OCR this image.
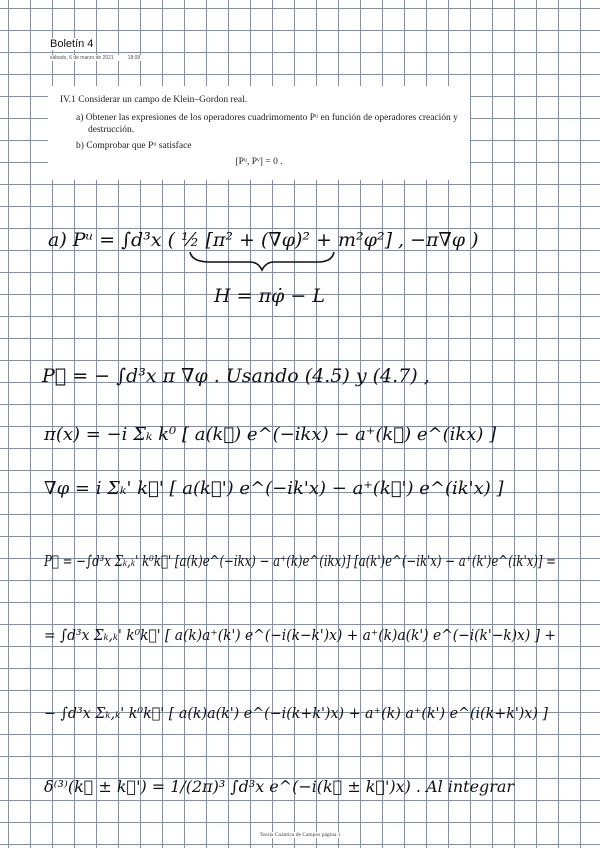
Boletín 4
sábado, 6 de marzo de 2021	18:08
IV.1 Considerar un campo de Klein–Gordon real.
a) Obtener las expresiones de los operadores cuadrimomento Pᵘ en función de operadores creación y destrucción.
b) Comprobar que Pᵘ satisface
[Pᵘ, Pᵛ] = 0 .
a) Pᵘ = ∫d³x ( ½ [π² + (∇φ)² + m²φ²] , −π∇φ )
H = πφ̇ − L
P⃗ = − ∫d³x π ∇φ . Usando (4.5) y (4.7) ,
π(x) = −i Σₖ k⁰ [ a(k⃗) e^(−ikx) − a⁺(k⃗) e^(ikx) ]
∇φ = i Σₖ' k⃗' [ a(k⃗') e^(−ik'x) − a⁺(k⃗') e^(ik'x) ]
P⃗ = −∫d³x Σₖ,ₖ' k⁰k⃗' [a(k)e^(−ikx) − a⁺(k)e^(ikx)] [a(k')e^(−ik'x) − a⁺(k')e^(ik'x)] =
= ∫d³x Σₖ,ₖ' k⁰k⃗' [ a(k)a⁺(k') e^(−i(k−k')x) + a⁺(k)a(k') e^(−i(k'−k)x) ] +
− ∫d³x Σₖ,ₖ' k⁰k⃗' [ a(k)a(k') e^(−i(k+k')x) + a⁺(k) a⁺(k') e^(i(k+k')x) ]
δ⁽³⁾(k⃗ ± k⃗') = 1/(2π)³ ∫d³x e^(−i(k⃗ ± k⃗')x) . Al integrar
Teoría Cuántica de Campos página 1
